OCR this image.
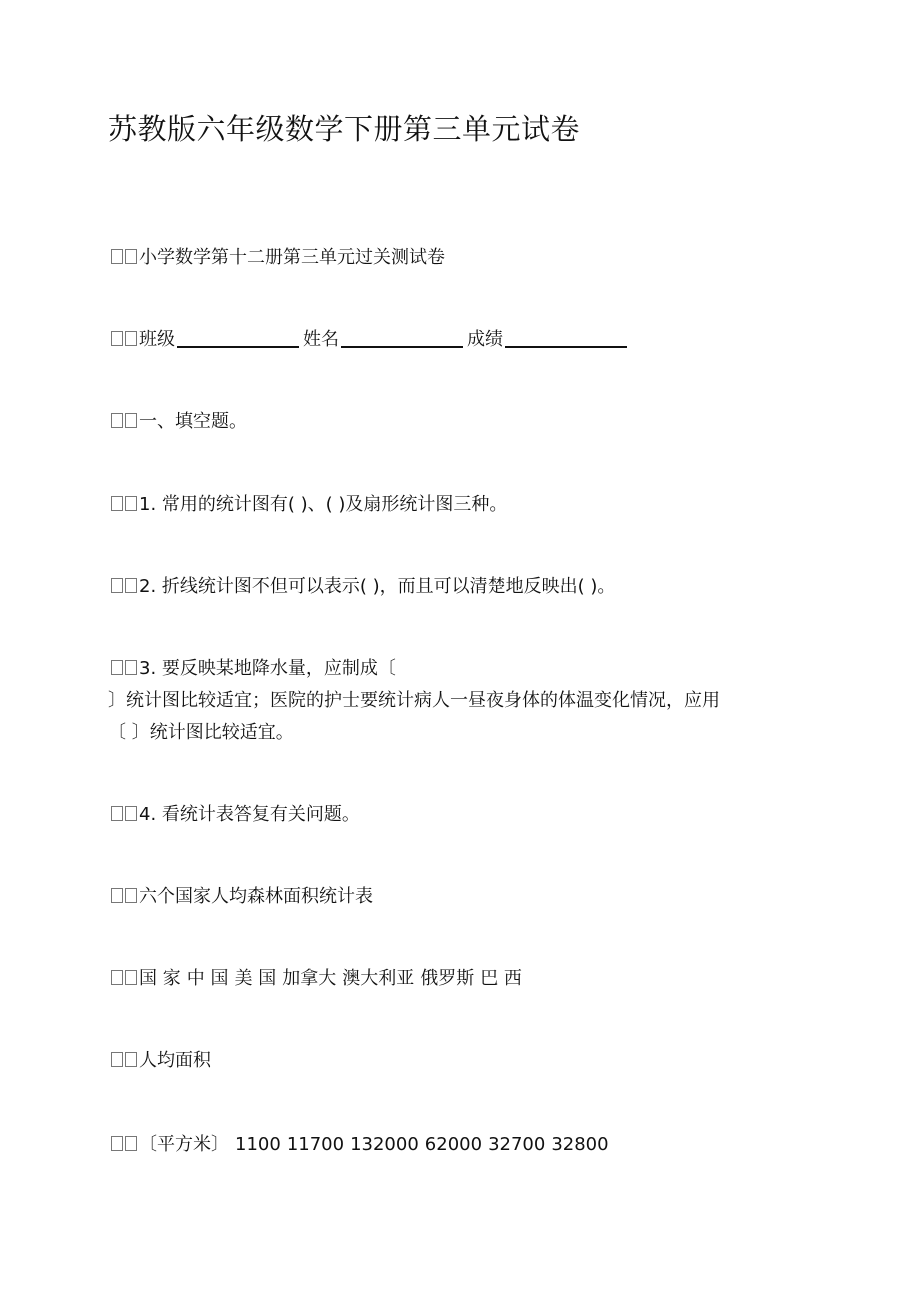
苏教版六年级数学下册第三单元试卷
小学数学第十二册第三单元过关测试卷
班级	姓名	成绩
一、填空题。
1. 常用的统计图有( )、( )及扇形统计图三种。
2. 折线统计图不但可以表示( )，而且可以清楚地反映出( )。
3. 要反映某地降水量，应制成〔
〕统计图比较适宜；医院的护士要统计病人一昼夜身体的体温变化情况，应用
〔 〕统计图比较适宜。
4. 看统计表答复有关问题。
六个国家人均森林面积统计表
国 家 中 国 美 国 加拿大 澳大利亚 俄罗斯 巴 西
人均面积
〔平方米〕 1100 11700 132000 62000 32700 32800
